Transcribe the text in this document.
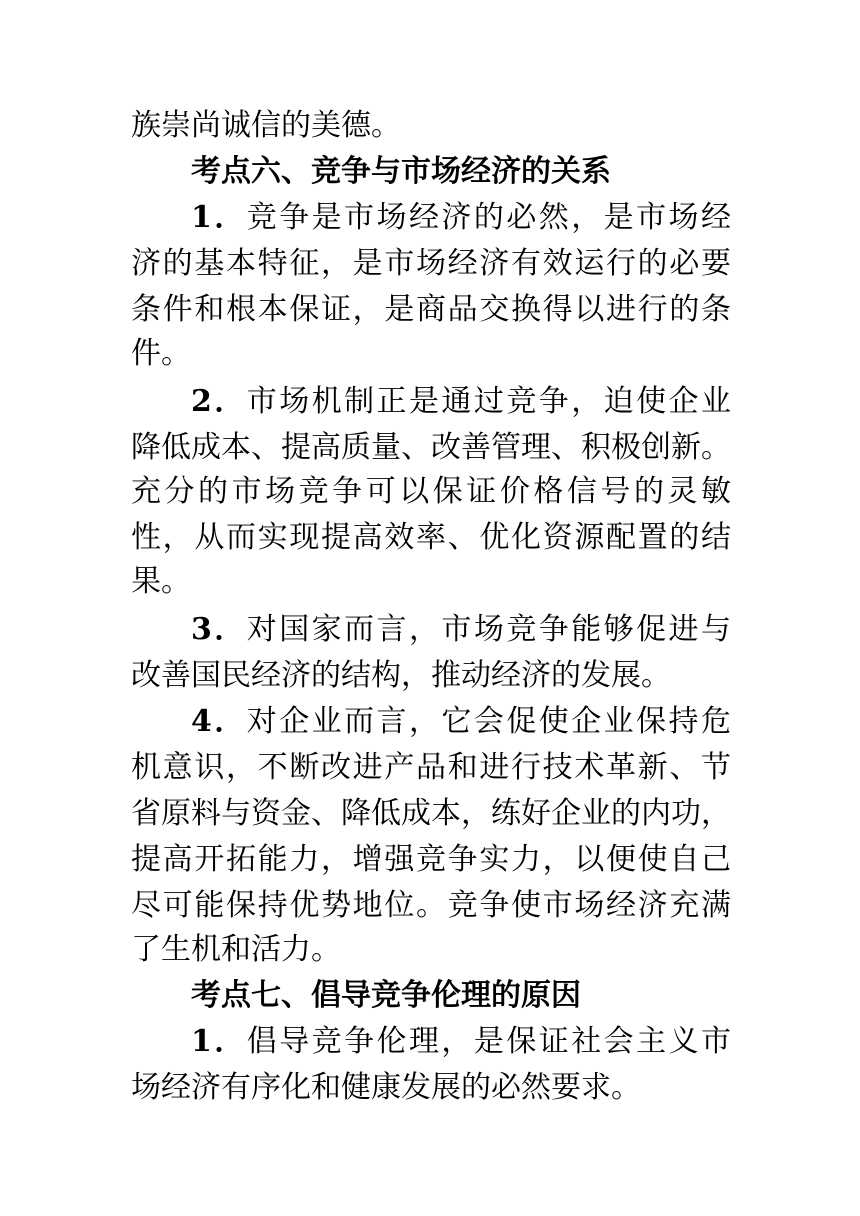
族崇尚诚信的美德。
考点六、竞争与市场经济的关系
1．竞争是市场经济的必然，是市场经
济的基本特征，是市场经济有效运行的必要
条件和根本保证，是商品交换得以进行的条
件。
2．市场机制正是通过竞争，迫使企业
降低成本、提高质量、改善管理、积极创新。
充分的市场竞争可以保证价格信号的灵敏
性，从而实现提高效率、优化资源配置的结
果。
3．对国家而言，市场竞争能够促进与
改善国民经济的结构，推动经济的发展。
4．对企业而言，它会促使企业保持危
机意识，不断改进产品和进行技术革新、节
省原料与资金、降低成本，练好企业的内功，
提高开拓能力，增强竞争实力，以便使自己
尽可能保持优势地位。竞争使市场经济充满
了生机和活力。
考点七、倡导竞争伦理的原因
1．倡导竞争伦理，是保证社会主义市
场经济有序化和健康发展的必然要求。
